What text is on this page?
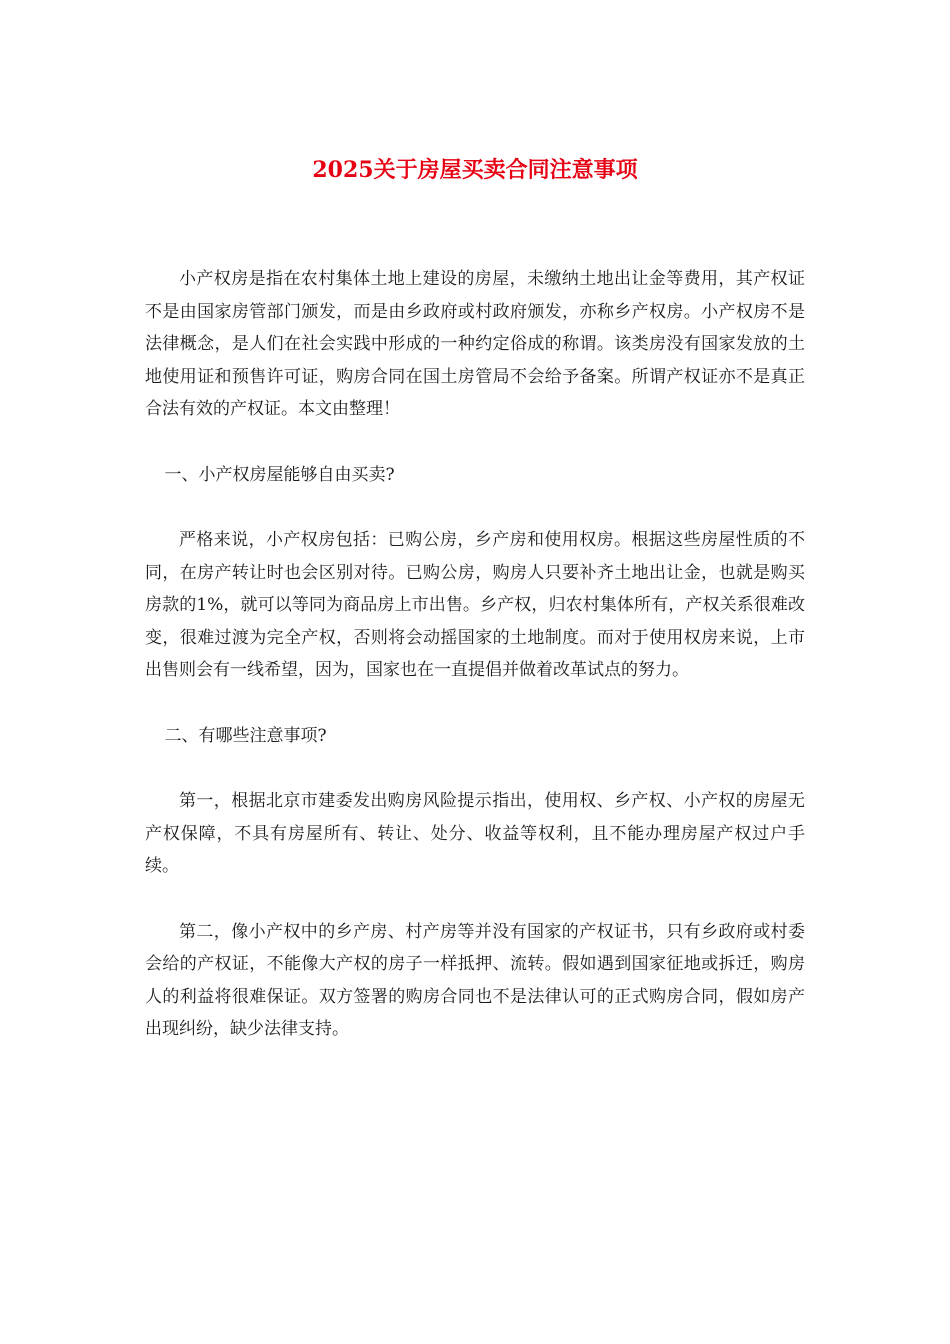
2025关于房屋买卖合同注意事项

小产权房是指在农村集体土地上建设的房屋，未缴纳土地出让金等费用，其产权证不是由国家房管部门颁发，而是由乡政府或村政府颁发，亦称乡产权房。小产权房不是法律概念，是人们在社会实践中形成的一种约定俗成的称谓。该类房没有国家发放的土地使用证和预售许可证，购房合同在国土房管局不会给予备案。所谓产权证亦不是真正合法有效的产权证。本文由整理！

一、小产权房屋能够自由买卖?

严格来说，小产权房包括：已购公房，乡产房和使用权房。根据这些房屋性质的不同，在房产转让时也会区别对待。已购公房，购房人只要补齐土地出让金，也就是购买房款的1%，就可以等同为商品房上市出售。乡产权，归农村集体所有，产权关系很难改变，很难过渡为完全产权，否则将会动摇国家的土地制度。而对于使用权房来说，上市出售则会有一线希望，因为，国家也在一直提倡并做着改革试点的努力。

二、有哪些注意事项?

第一，根据北京市建委发出购房风险提示指出，使用权、乡产权、小产权的房屋无产权保障，不具有房屋所有、转让、处分、收益等权利，且不能办理房屋产权过户手续。

第二，像小产权中的乡产房、村产房等并没有国家的产权证书，只有乡政府或村委会给的产权证，不能像大产权的房子一样抵押、流转。假如遇到国家征地或拆迁，购房人的利益将很难保证。双方签署的购房合同也不是法律认可的正式购房合同，假如房产出现纠纷，缺少法律支持。
